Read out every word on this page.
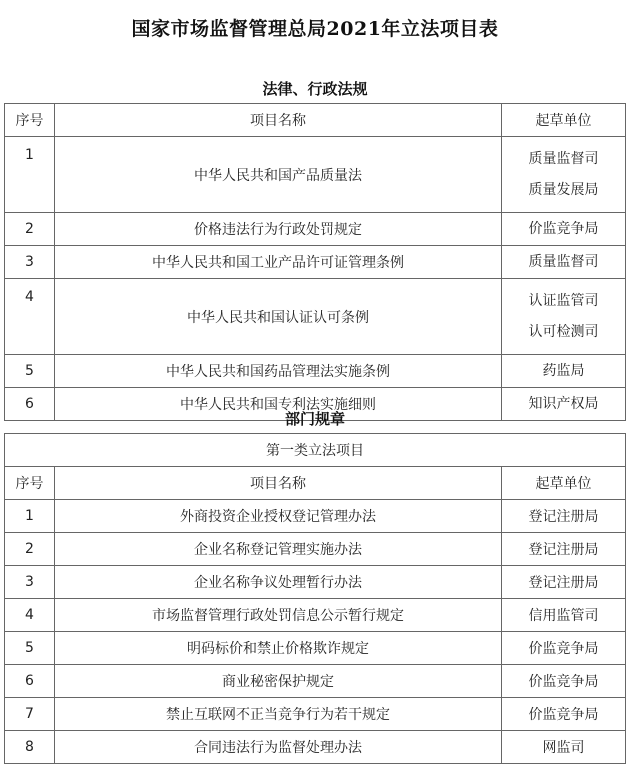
国家市场监督管理总局2021年立法项目表
法律、行政法规
序号	项目名称	起草单位
1	中华人民共和国产品质量法	质量监督司
质量发展局

2	价格违法行为行政处罚规定	价监竞争局

3	中华人民共和国工业产品许可证管理条例	质量监督司

4	中华人民共和国认证认可条例	认证监管司
认可检测司

5	中华人民共和国药品管理法实施条例	药监局

6	中华人民共和国专利法实施细则	知识产权局
部门规章
第一类立法项目		
序号	项目名称	起草单位
1	外商投资企业授权登记管理办法	登记注册局
2	企业名称登记管理实施办法	登记注册局
3	企业名称争议处理暂行办法	登记注册局
4	市场监督管理行政处罚信息公示暂行规定	信用监管司
5	明码标价和禁止价格欺诈规定	价监竞争局
6	商业秘密保护规定	价监竞争局
7	禁止互联网不正当竞争行为若干规定	价监竞争局
8	合同违法行为监督处理办法	网监司
